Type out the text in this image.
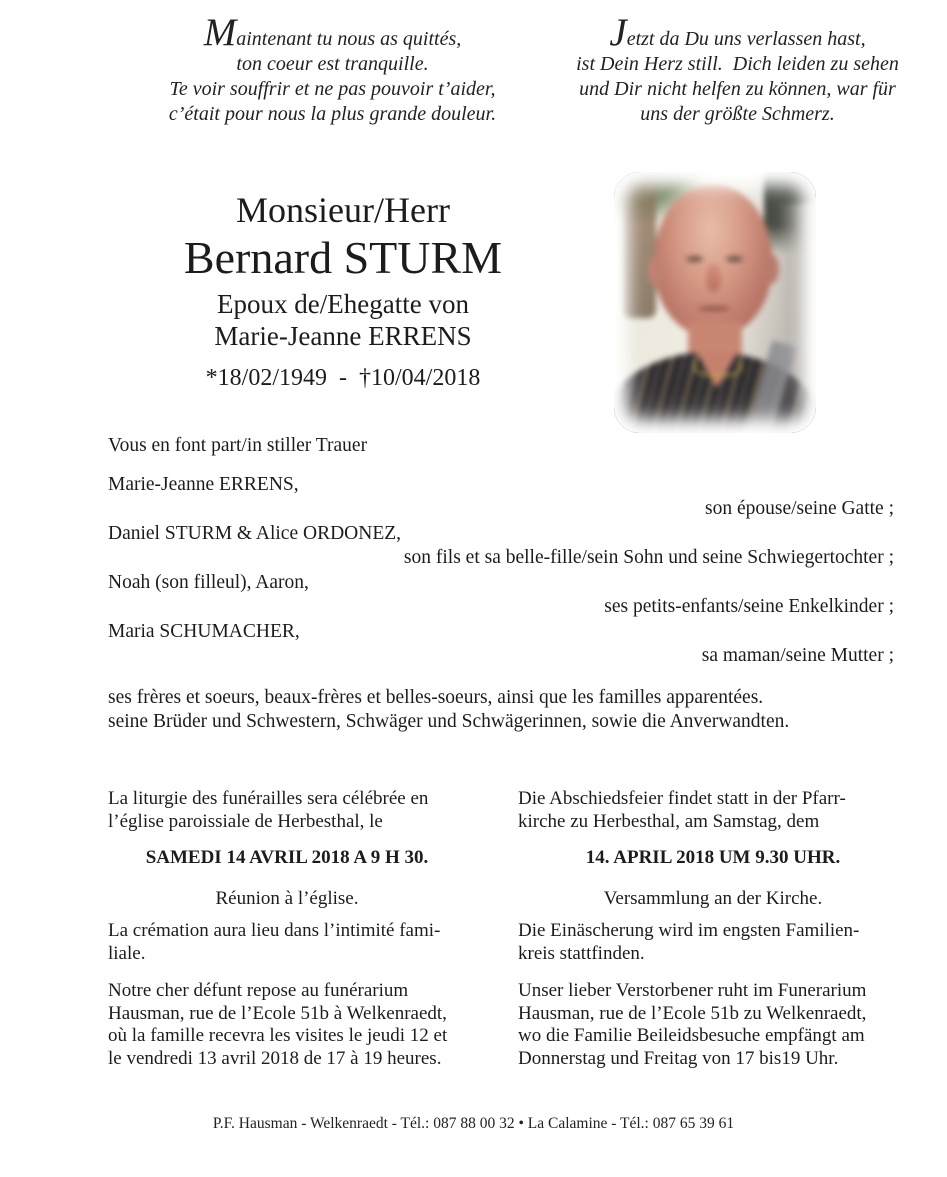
Maintenant tu nous as quittés,
ton coeur est tranquille.
Te voir souffrir et ne pas pouvoir t’aider,
c’était pour nous la plus grande douleur.
Jetzt da Du uns verlassen hast,
ist Dein Herz still. Dich leiden zu sehen
und Dir nicht helfen zu können, war für
uns der größte Schmerz.
Monsieur/Herr
Bernard STURM
Epoux de/Ehegatte von
Marie-Jeanne ERRENS
*18/02/1949 - †10/04/2018
Vous en font part/in stiller Trauer
Marie-Jeanne ERRENS,
son épouse/seine Gatte ;
Daniel STURM & Alice ORDONEZ,
son fils et sa belle-fille/sein Sohn und seine Schwiegertochter ;
Noah (son filleul), Aaron,
ses petits-enfants/seine Enkelkinder ;
Maria SCHUMACHER,
sa maman/seine Mutter ;
ses frères et soeurs, beaux-frères et belles-soeurs, ainsi que les familles apparentées.
seine Brüder und Schwestern, Schwäger und Schwägerinnen, sowie die Anverwandten.
La liturgie des funérailles sera célébrée en
l’église paroissiale de Herbesthal, le
SAMEDI 14 AVRIL 2018 A 9 H 30.
Réunion à l’église.
La crémation aura lieu dans l’intimité fami-
liale.
Notre cher défunt repose au funérarium
Hausman, rue de l’Ecole 51b à Welkenraedt,
où la famille recevra les visites le jeudi 12 et
le vendredi 13 avril 2018 de 17 à 19 heures.
Die Abschiedsfeier findet statt in der Pfarr-
kirche zu Herbesthal, am Samstag, dem
14. APRIL 2018 UM 9.30 UHR.
Versammlung an der Kirche.
Die Einäscherung wird im engsten Familien-
kreis stattfinden.
Unser lieber Verstorbener ruht im Funerarium
Hausman, rue de l’Ecole 51b zu Welkenraedt,
wo die Familie Beileidsbesuche empfängt am
Donnerstag und Freitag von 17 bis19 Uhr.
P.F. Hausman - Welkenraedt - Tél.: 087 88 00 32 • La Calamine - Tél.: 087 65 39 61
